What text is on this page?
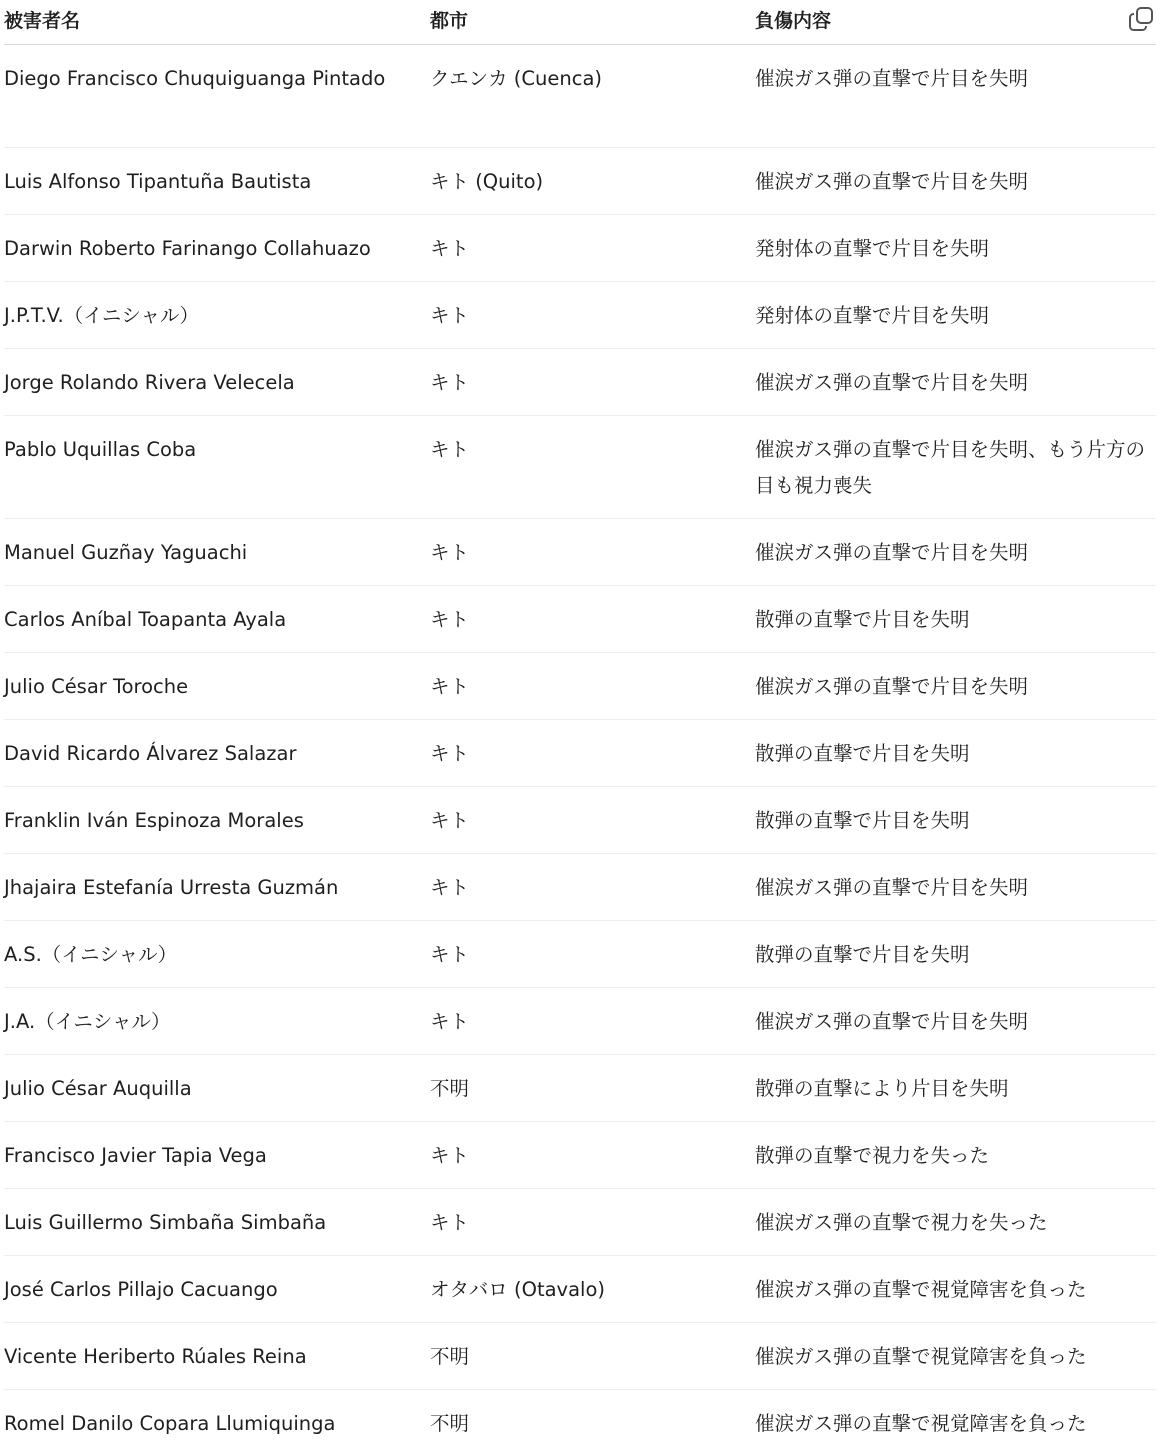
被害者名	都市	負傷内容
Diego Francisco Chuquiguanga Pintado	クエンカ (Cuenca)	催涙ガス弾の直撃で片目を失明
Luis Alfonso Tipantuña Bautista	キト (Quito)	催涙ガス弾の直撃で片目を失明
Darwin Roberto Farinango Collahuazo	キト	発射体の直撃で片目を失明
J.P.T.V.（イニシャル）	キト	発射体の直撃で片目を失明
Jorge Rolando Rivera Velecela	キト	催涙ガス弾の直撃で片目を失明
Pablo Uquillas Coba	キト	催涙ガス弾の直撃で片目を失明、もう片方の目も視力喪失
Manuel Guzñay Yaguachi	キト	催涙ガス弾の直撃で片目を失明
Carlos Aníbal Toapanta Ayala	キト	散弾の直撃で片目を失明
Julio César Toroche	キト	催涙ガス弾の直撃で片目を失明
David Ricardo Álvarez Salazar	キト	散弾の直撃で片目を失明
Franklin Iván Espinoza Morales	キト	散弾の直撃で片目を失明
Jhajaira Estefanía Urresta Guzmán	キト	催涙ガス弾の直撃で片目を失明
A.S.（イニシャル）	キト	散弾の直撃で片目を失明
J.A.（イニシャル）	キト	催涙ガス弾の直撃で片目を失明
Julio César Auquilla	不明	散弾の直撃により片目を失明
Francisco Javier Tapia Vega	キト	散弾の直撃で視力を失った
Luis Guillermo Simbaña Simbaña	キト	催涙ガス弾の直撃で視力を失った
José Carlos Pillajo Cacuango	オタバロ (Otavalo)	催涙ガス弾の直撃で視覚障害を負った
Vicente Heriberto Rúales Reina	不明	催涙ガス弾の直撃で視覚障害を負った
Romel Danilo Copara Llumiquinga	不明	催涙ガス弾の直撃で視覚障害を負った
